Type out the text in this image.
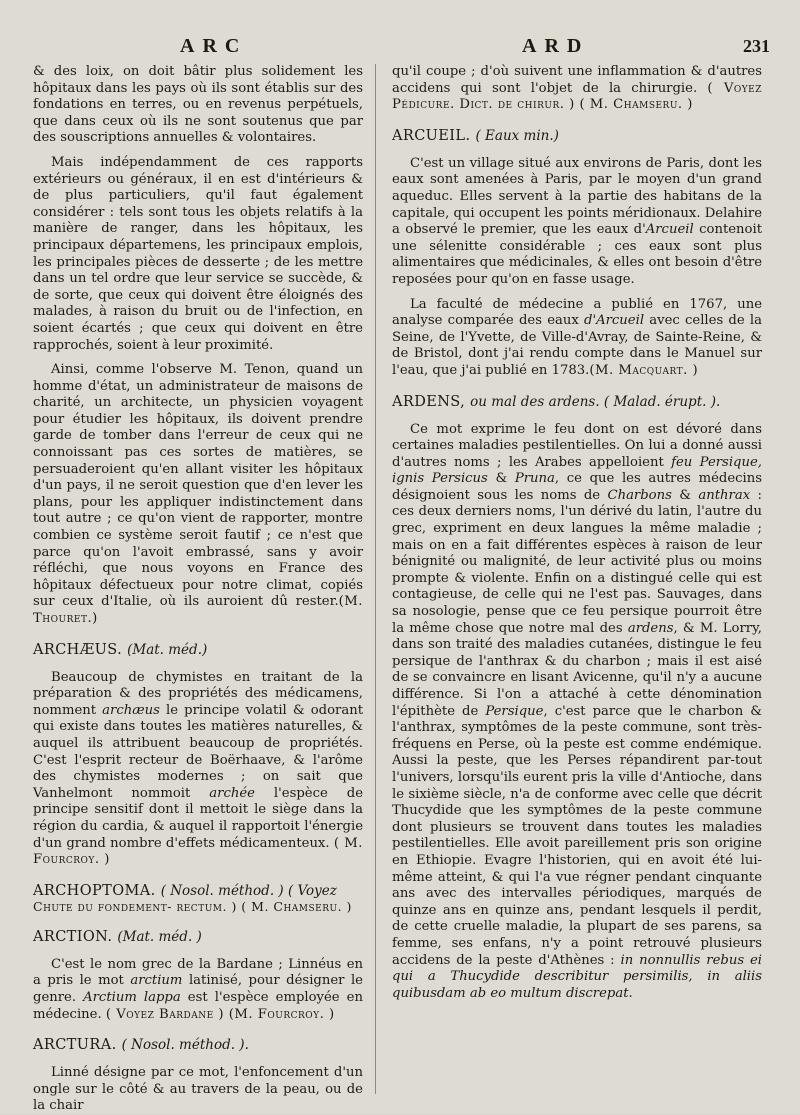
ARC	ARD	231

& des loix, on doit bâtir plus solidement les hôpitaux dans les pays où ils sont établis sur des fondations en terres, ou en revenus perpétuels, que dans ceux où ils ne sont soutenus que par des souscriptions annuelles & volontaires.

Mais indépendamment de ces rapports extérieurs ou généraux, il en est d'intérieurs & de plus particuliers, qu'il faut également considérer : tels sont tous les objets relatifs à la manière de ranger, dans les hôpitaux, les principaux départemens, les principaux emplois, les principales pièces de desserte ; de les mettre dans un tel ordre que leur service se succède, & de sorte, que ceux qui doivent être éloignés des malades, à raison du bruit ou de l'infection, en soient écartés ; que ceux qui doivent en être rapprochés, soient à leur proximité.

Ainsi, comme l'observe M. Tenon, quand un homme d'état, un administrateur de maisons de charité, un architecte, un physicien voyagent pour étudier les hôpitaux, ils doivent prendre garde de tomber dans l'erreur de ceux qui ne connoissant pas ces sortes de matières, se persuaderoient qu'en allant visiter les hôpitaux d'un pays, il ne seroit question que d'en lever les plans, pour les appliquer indistinctement dans tout autre ; ce qu'on vient de rapporter, montre combien ce système seroit fautif ; ce n'est que parce qu'on l'avoit embrassé, sans y avoir réfléchi, que nous voyons en France des hôpitaux défectueux pour notre climat, copiés sur ceux d'Italie, où ils auroient dû rester.(M. Thouret.)

ARCHÆUS. (Mat. méd.)

Beaucoup de chymistes en traitant de la préparation & des propriétés des médicamens, nomment archæus le principe volatil & odorant qui existe dans toutes les matières naturelles, & auquel ils attribuent beaucoup de propriétés. C'est l'esprit recteur de Boërhaave, & l'arôme des chymistes modernes ; on sait que Vanhelmont nommoit archée l'espèce de principe sensitif dont il mettoit le siège dans la région du cardia, & auquel il rapportoit l'énergie d'un grand nombre d'effets médicamenteux. ( M. Fourcroy. )

ARCHOPTOMA. ( Nosol. méthod. ) ( Voyez Chute du fondement- rectum. ) ( M. Chamseru. )
ARCTION. (Mat. méd. )

C'est le nom grec de la Bardane ; Linnéus en a pris le mot arctium latinisé, pour désigner le genre. Arctium lappa est l'espèce employée en médecine. ( Voyez Bardane ) (M. Fourcroy. )

ARCTURA. ( Nosol. méthod. ).

Linné désigne par ce mot, l'enfoncement d'un ongle sur le côté & au travers de la peau, ou de la chair

qu'il coupe ; d'où suivent une inflammation & d'autres accidens qui sont l'objet de la chirurgie. ( Voyez Pédicure. Dict. de chirur. ) ( M. Chamseru. )

ARCUEIL. ( Eaux min.)

C'est un village situé aux environs de Paris, dont les eaux sont amenées à Paris, par le moyen d'un grand aqueduc. Elles servent à la partie des habitans de la capitale, qui occupent les points méridionaux. Delahire a observé le premier, que les eaux d'Arcueil contenoit une sélenitte considérable ; ces eaux sont plus alimentaires que médicinales, & elles ont besoin d'être reposées pour qu'on en fasse usage.

La faculté de médecine a publié en 1767, une analyse comparée des eaux d'Arcueil avec celles de la Seine, de l'Yvette, de Ville-d'Avray, de Sainte-Reine, & de Bristol, dont j'ai rendu compte dans le Manuel sur l'eau, que j'ai publié en 1783.(M. Macquart. )

ARDENS, ou mal des ardens. ( Malad. érupt. ).

Ce mot exprime le feu dont on est dévoré dans certaines maladies pestilentielles. On lui a donné aussi d'autres noms ; les Arabes appelloient feu Persique, ignis Persicus & Pruna, ce que les autres médecins désignoient sous les noms de Charbons & anthrax : ces deux derniers noms, l'un dérivé du latin, l'autre du grec, expriment en deux langues la même maladie ; mais on en a fait différentes espèces à raison de leur bénignité ou malignité, de leur activité plus ou moins prompte & violente. Enfin on a distingué celle qui est contagieuse, de celle qui ne l'est pas. Sauvages, dans sa nosologie, pense que ce feu persique pourroit être la même chose que notre mal des ardens, & M. Lorry, dans son traité des maladies cutanées, distingue le feu persique de l'anthrax & du charbon ; mais il est aisé de se convaincre en lisant Avicenne, qu'il n'y a aucune différence. Si l'on a attaché à cette dénomination l'épithète de Persique, c'est parce que le charbon & l'anthrax, symptômes de la peste commune, sont très-fréquens en Perse, où la peste est comme endémique. Aussi la peste, que les Perses répandirent par-tout l'univers, lorsqu'ils eurent pris la ville d'Antioche, dans le sixième siècle, n'a de conforme avec celle que décrit Thucydide que les symptômes de la peste commune dont plusieurs se trouvent dans toutes les maladies pestilentielles. Elle avoit pareillement pris son origine en Ethiopie. Evagre l'historien, qui en avoit été lui-même atteint, & qui l'a vue régner pendant cinquante ans avec des intervalles périodiques, marqués de quinze ans en quinze ans, pendant lesquels il perdit, de cette cruelle maladie, la plupart de ses parens, sa femme, ses enfans, n'y a point retrouvé plusieurs accidens de la peste d'Athènes : in nonnullis rebus ei qui a Thucydide describitur persimilis, in aliis quibusdam ab eo multum discrepat.
